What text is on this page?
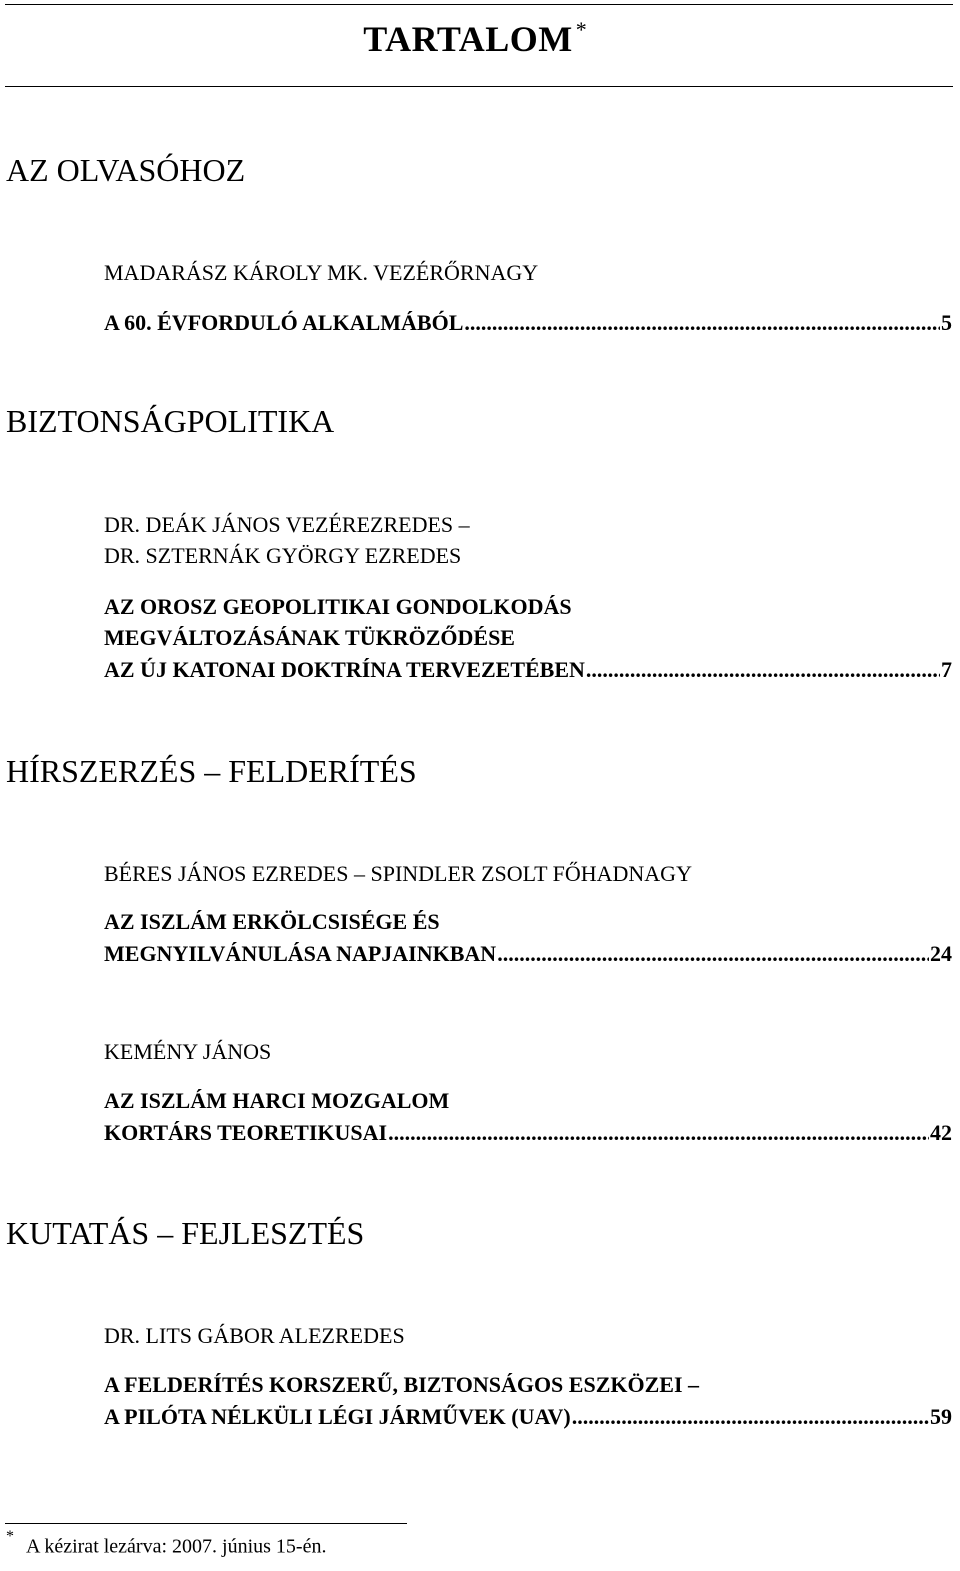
TARTALOM *
AZ OLVASÓHOZ
MADARÁSZ KÁROLY MK. VEZÉRŐRNAGY
A 60. ÉVFORDULÓ ALKALMÁBÓL .....	5
BIZTONSÁGPOLITIKA
DR. DEÁK JÁNOS VEZÉREZREDES –
DR. SZTERNÁK GYÖRGY EZREDES
AZ OROSZ GEOPOLITIKAI GONDOLKODÁS
MEGVÁLTOZÁSÁNAK TÜKRÖZŐDÉSE
AZ ÚJ KATONAI DOKTRÍNA TERVEZETÉBEN .....	7
HÍRSZERZÉS – FELDERÍTÉS
BÉRES JÁNOS EZREDES – SPINDLER ZSOLT FŐHADNAGY
AZ ISZLÁM ERKÖLCSISÉGE ÉS
MEGNYILVÁNULÁSA NAPJAINKBAN .....	24
KEMÉNY JÁNOS
AZ ISZLÁM HARCI MOZGALOM
KORTÁRS TEORETIKUSAI .....	42
KUTATÁS – FEJLESZTÉS
DR. LITS GÁBOR ALEZREDES
A FELDERÍTÉS KORSZERŰ, BIZTONSÁGOS ESZKÖZEI –
A PILÓTA NÉLKÜLI LÉGI JÁRMŰVEK (UAV) .....	59
* A kézirat lezárva: 2007. június 15-én.
